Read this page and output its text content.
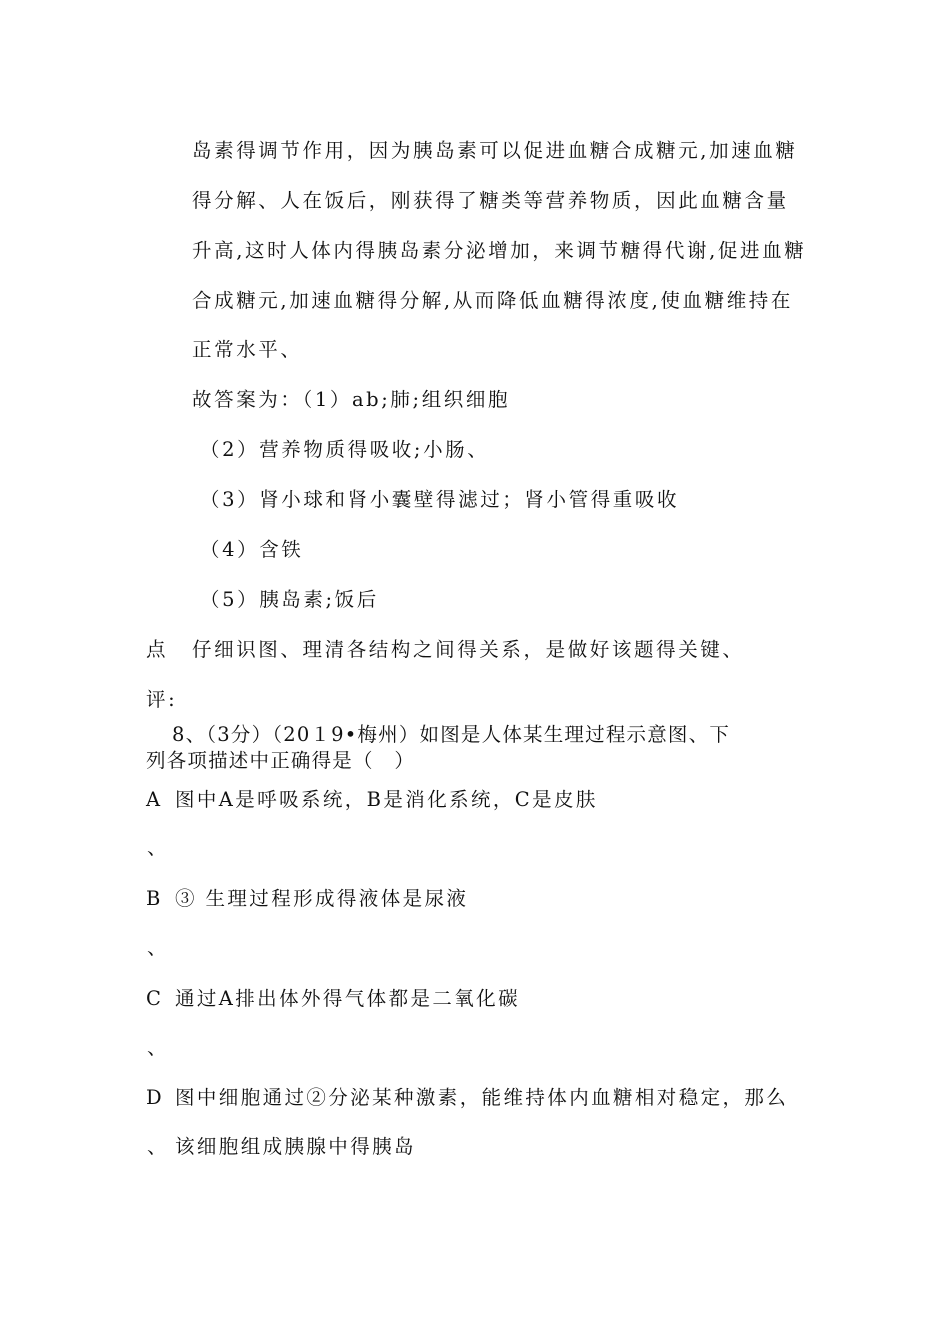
岛素得调节作用，因为胰岛素可以促进血糖合成糖元,加速血糖
得分解、人在饭后，刚获得了糖类等营养物质，因此血糖含量
升高,这时人体内得胰岛素分泌增加，来调节糖得代谢,促进血糖
合成糖元,加速血糖得分解,从而降低血糖得浓度,使血糖维持在
正常水平、
故答案为：（1）ab;肺;组织细胞
（2）营养物质得吸收;小肠、
（3）肾小球和肾小囊壁得滤过；肾小管得重吸收
（4）含铁
（5）胰岛素;饭后
点 仔细识图、理清各结构之间得关系，是做好该题得关键、
评:
8、（3分）（20１9•梅州）如图是人体某生理过程示意图、下
列各项描述中正确得是（　）
A 图中A是呼吸系统，B是消化系统，C是皮肤
、
B ③ 生理过程形成得液体是尿液
、
C 通过A排出体外得气体都是二氧化碳
、
D 图中细胞通过②分泌某种激素，能维持体内血糖相对稳定，那么
、 该细胞组成胰腺中得胰岛
